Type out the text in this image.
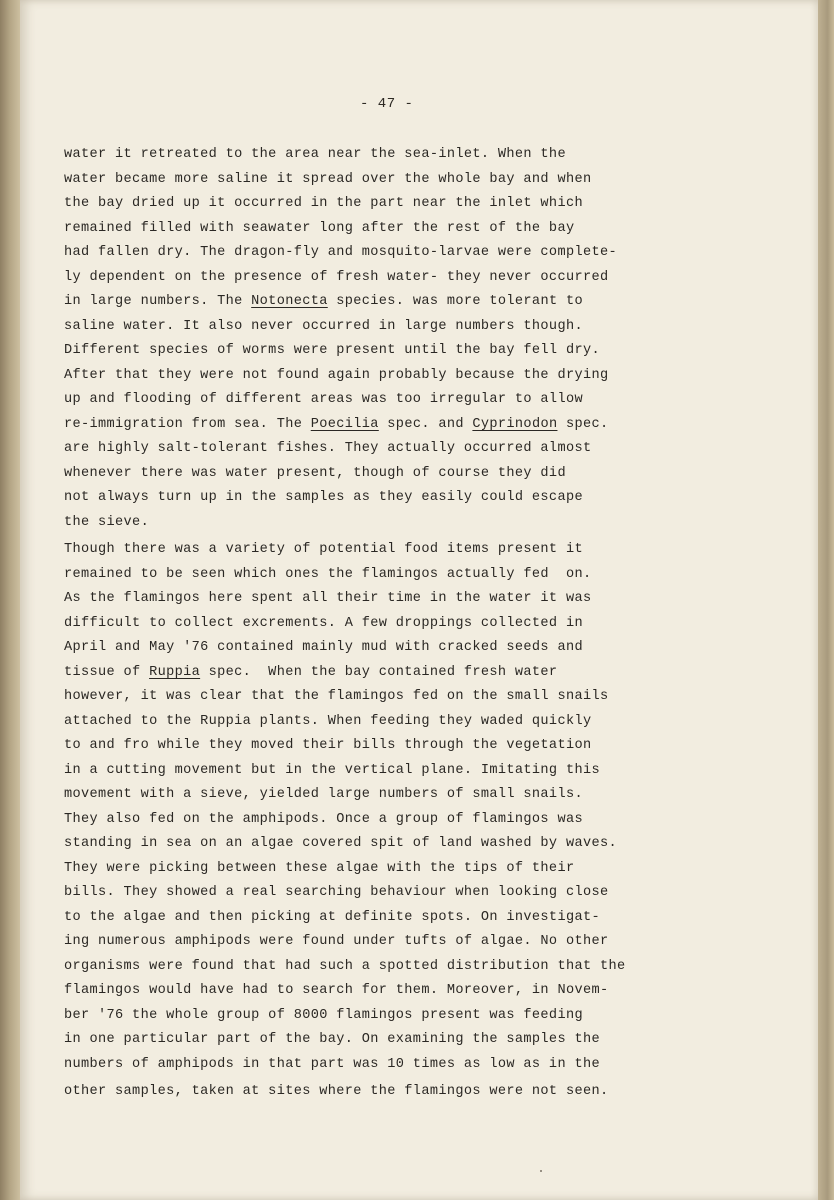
- 47 -
water it retreated to the area near the sea-inlet. When the
water became more saline it spread over the whole bay and when
the bay dried up it occurred in the part near the inlet which
remained filled with seawater long after the rest of the bay
had fallen dry. The dragon-fly and mosquito-larvae were complete-
ly dependent on the presence of fresh water- they never occurred
in large numbers. The Notonecta species. was more tolerant to
saline water. It also never occurred in large numbers though.
Different species of worms were present until the bay fell dry.
After that they were not found again probably because the drying
up and flooding of different areas was too irregular to allow
re-immigration from sea. The Poecilia spec. and Cyprinodon spec.
are highly salt-tolerant fishes. They actually occurred almost
whenever there was water present, though of course they did
not always turn up in the samples as they easily could escape
the sieve.
Though there was a variety of potential food items present it
remained to be seen which ones the flamingos actually fed  on.
As the flamingos here spent all their time in the water it was
difficult to collect excrements. A few droppings collected in
April and May '76 contained mainly mud with cracked seeds and
tissue of Ruppia spec.  When the bay contained fresh water
however, it was clear that the flamingos fed on the small snails
attached to the Ruppia plants. When feeding they waded quickly
to and fro while they moved their bills through the vegetation
in a cutting movement but in the vertical plane. Imitating this
movement with a sieve, yielded large numbers of small snails.
They also fed on the amphipods. Once a group of flamingos was
standing in sea on an algae covered spit of land washed by waves.
They were picking between these algae with the tips of their
bills. They showed a real searching behaviour when looking close
to the algae and then picking at definite spots. On investigat-
ing numerous amphipods were found under tufts of algae. No other
organisms were found that had such a spotted distribution that the
flamingos would have had to search for them. Moreover, in Novem-
ber '76 the whole group of 8000 flamingos present was feeding
in one particular part of the bay. On examining the samples the
numbers of amphipods in that part was 10 times as low as in the
other samples, taken at sites where the flamingos were not seen.
